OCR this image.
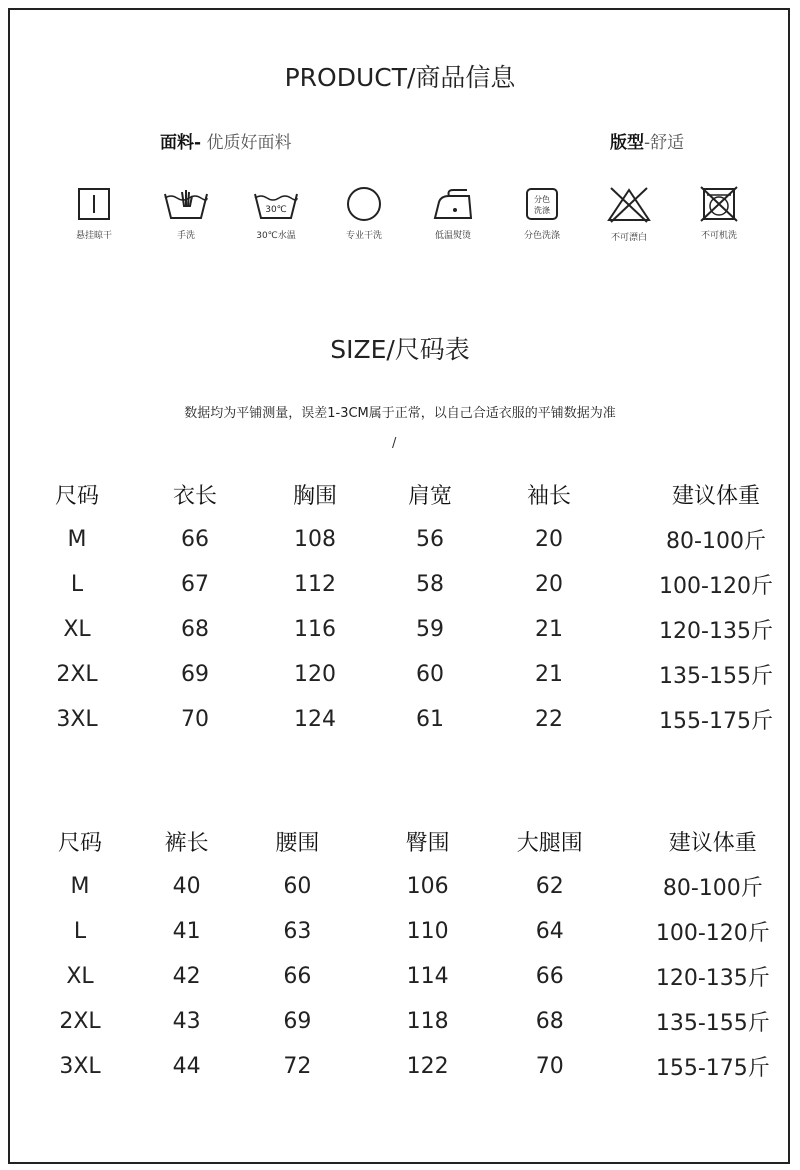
PRODUCT/商品信息
面料- 优质好面料	版型-舒适
悬挂晾干	手洗
30℃
30℃水温	专业干洗	低温熨烫
分色
洗涤
分色洗涤	不可漂白	不可机洗
SIZE/尺码表
数据均为平铺测量，误差1-3CM属于正常，以自己合适衣服的平铺数据为准
/
尺码	衣长	胸围	肩宽	袖长	建议体重
M	66	108	56	20	80-100斤
L	67	112	58	20	100-120斤
XL	68	116	59	21	120-135斤
2XL	69	120	60	21	135-155斤
3XL	70	124	61	22	155-175斤
尺码	裤长	腰围	臀围	大腿围	建议体重
M	40	60	106	62	80-100斤
L	41	63	110	64	100-120斤
XL	42	66	114	66	120-135斤
2XL	43	69	118	68	135-155斤
3XL	44	72	122	70	155-175斤
